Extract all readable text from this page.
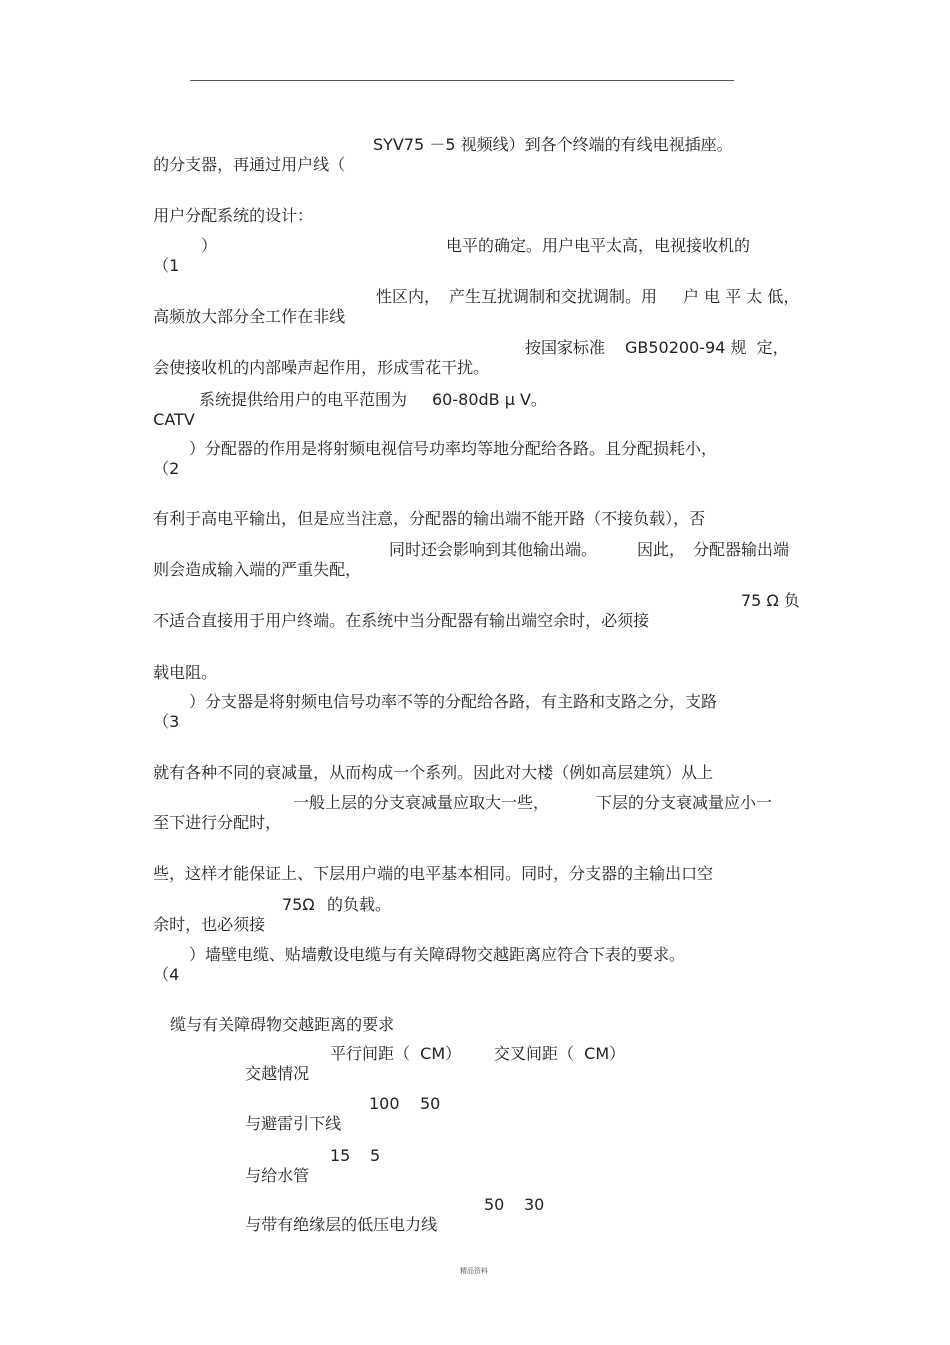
的分支器，再通过用户线（

SYV75 －5 视频线）到各个终端的有线电视插座。

用户分配系统的设计：

（1

）

	电平的确定。用户电平太高，电视接收机的

高频放大部分全工作在非线

性区内，

产生互扰调制和交扰调制。用

户 电 平 太 低，

会使接收机的内部噪声起作用，形成雪花干扰。

按国家标准

GB50200-94 规  定，

CATV

系统提供给用户的电平范围为

60-80dB μ V。

（2

）分配器的作用是将射频电视信号功率均等地分配给各路。且分配损耗小，

有利于高电平输出，但是应当注意，分配器的输出端不能开路（不接负载），否

则会造成输入端的严重失配，

同时还会影响到其他输出端。

因此，

分配器输出端

不适合直接用于用户终端。在系统中当分配器有输出端空余时，必须接

75 Ω 负

载电阻。

（3

）分支器是将射频电信号功率不等的分配给各路，有主路和支路之分，支路

就有各种不同的衰减量，从而构成一个系列。因此对大楼（例如高层建筑）从上

至下进行分配时，

一般上层的分支衰减量应取大一些，

	下层的分支衰减量应小一

些，这样才能保证上、下层用户端的电平基本相同。同时，分支器的主输出口空

余时，也必须接

75Ω

的负载。

（4

）墙壁电缆、贴墙敷设电缆与有关障碍物交越距离应符合下表的要求。

缆与有关障碍物交越距离的要求

交越情况

平行间距（  CM）

交叉间距（  CM）

与避雷引下线

100

50

与给水管

15

5

与带有绝缘层的低压电力线

50

30

精品资料
